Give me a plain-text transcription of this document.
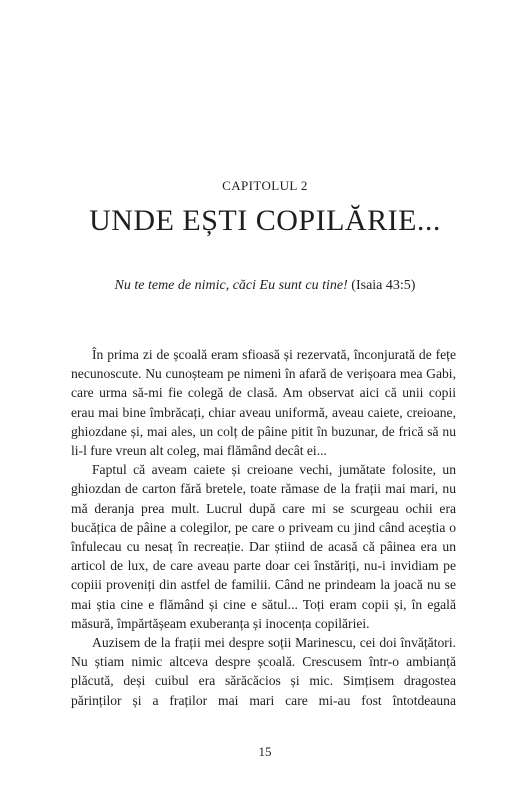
CAPITOLUL 2
UNDE EȘTI COPILĂRIE...
Nu te teme de nimic, căci Eu sunt cu tine! (Isaia 43:5)

În prima zi de școală eram sfioasă și rezervată, înconjurată de fețe necunoscute. Nu cunoșteam pe nimeni în afară de verișoara mea Gabi, care urma să-mi fie colegă de clasă. Am observat aici că unii copii erau mai bine îmbrăcați, chiar aveau uniformă, aveau caiete, creioane, ghiozdane și, mai ales, un colț de pâine pitit în buzunar, de frică să nu li-l fure vreun alt coleg, mai flămând decât ei...

Faptul că aveam caiete și creioane vechi, jumătate folosite, un ghiozdan de carton fără bretele, toate rămase de la frații mai mari, nu mă deranja prea mult. Lucrul după care mi se scurgeau ochii era bucățica de pâine a colegilor, pe care o priveam cu jind când aceștia o înfulecau cu nesaț în recreație. Dar știind de acasă că pâinea era un articol de lux, de care aveau parte doar cei înstăriți, nu-i invidiam pe copiii proveniți din astfel de familii. Când ne prindeam la joacă nu se mai știa cine e flămând și cine e sătul... Toți eram copii și, în egală măsură, împărtășeam exuberanța și inocența copilăriei.

Auzisem de la frații mei despre soții Marinescu, cei doi învățători. Nu știam nimic altceva despre școală. Crescusem într-o ambianță plăcută, deși cuibul era sărăcăcios și mic. Simțisem dragostea părinților și a fraților mai mari care mi-au fost întotdeauna

15
